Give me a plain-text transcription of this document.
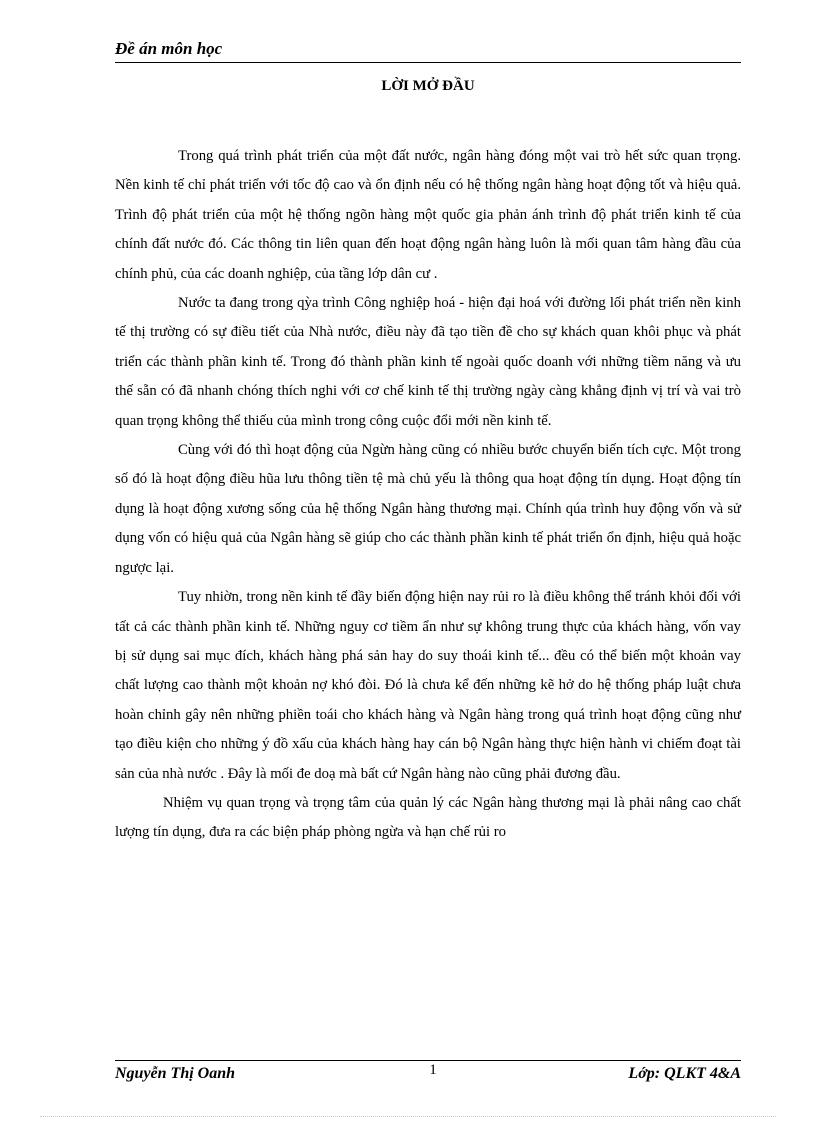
Đề án môn học
LỜI MỞ ĐẦU

Trong quá trình phát triển của một đất nước, ngân hàng đóng một vai trò hết sức quan trọng. Nền kinh tế chỉ phát triển với tốc độ cao và ổn định nếu có hệ thống ngân hàng hoạt động tốt và hiệu quả. Trình độ phát triển của một hệ thống ngõn hàng một quốc gia phản ánh trình độ phát triển kinh tế của chính đất nước đó. Các thông tin liên quan đến hoạt động ngân hàng luôn là mối quan tâm hàng đầu của chính phủ, của các doanh nghiệp, của tầng lớp dân cư .

Nước ta đang trong qỳa trình Công nghiệp hoá - hiện đại hoá với đường lối phát triển nền kinh tế thị trường có sự điều tiết của Nhà nước, điều này đã tạo tiền đề cho sự khách quan khôi phục và phát triển các thành phần kinh tế. Trong đó thành phần kinh tế ngoài quốc doanh với những tiềm năng và ưu thế sẵn có đã nhanh chóng thích nghi với cơ chế kinh tế thị trường ngày càng khẳng định vị trí và vai trò quan trọng không thể thiếu của mình trong công cuộc đổi mới nền kinh tế.

Cùng với đó thì hoạt động của Ngừn hàng cũng có nhiều bước chuyển biến tích cực. Một trong số đó là hoạt động điều hũa lưu thông tiền tệ mà chủ yếu là thông qua hoạt động tín dụng. Hoạt động tín dụng là hoạt động xương sống của hệ thống Ngân hàng thương mại. Chính qúa trình huy động vốn và sử dụng vốn có hiệu quả của Ngân hàng sẽ giúp cho các thành phần kinh tế phát triển ổn định, hiệu quả hoặc ngược lại.

Tuy nhiờn, trong nền kinh tế đầy biến động hiện nay rủi ro là điều không thể tránh khỏi đối với tất cả các thành phần kinh tế. Những nguy cơ tiềm ẩn như sự không trung thực của khách hàng, vốn vay bị sử dụng sai mục đích, khách hàng phá sản hay do suy thoái kinh tế... đều có thể biến một khoản vay chất lượng cao thành một khoản nợ khó đòi. Đó là chưa kể đến những kẽ hở do hệ thống pháp luật chưa hoàn chỉnh gây nên những phiền toái cho khách hàng và Ngân hàng trong quá trình hoạt động cũng như tạo điều kiện cho những ý đồ xấu của khách hàng hay cán bộ Ngân hàng thực hiện hành vi chiếm đoạt tài sản của nhà nước . Đây là mối đe doạ mà bất cứ Ngân hàng nào cũng phải đương đầu.

Nhiệm vụ quan trọng và trọng tâm của quản lý các Ngân hàng thương mại là phải nâng cao chất lượng tín dụng, đưa ra các biện pháp phòng ngừa và hạn chế rủi ro

Nguyễn Thị Oanh	1	Lớp: QLKT 4&A
